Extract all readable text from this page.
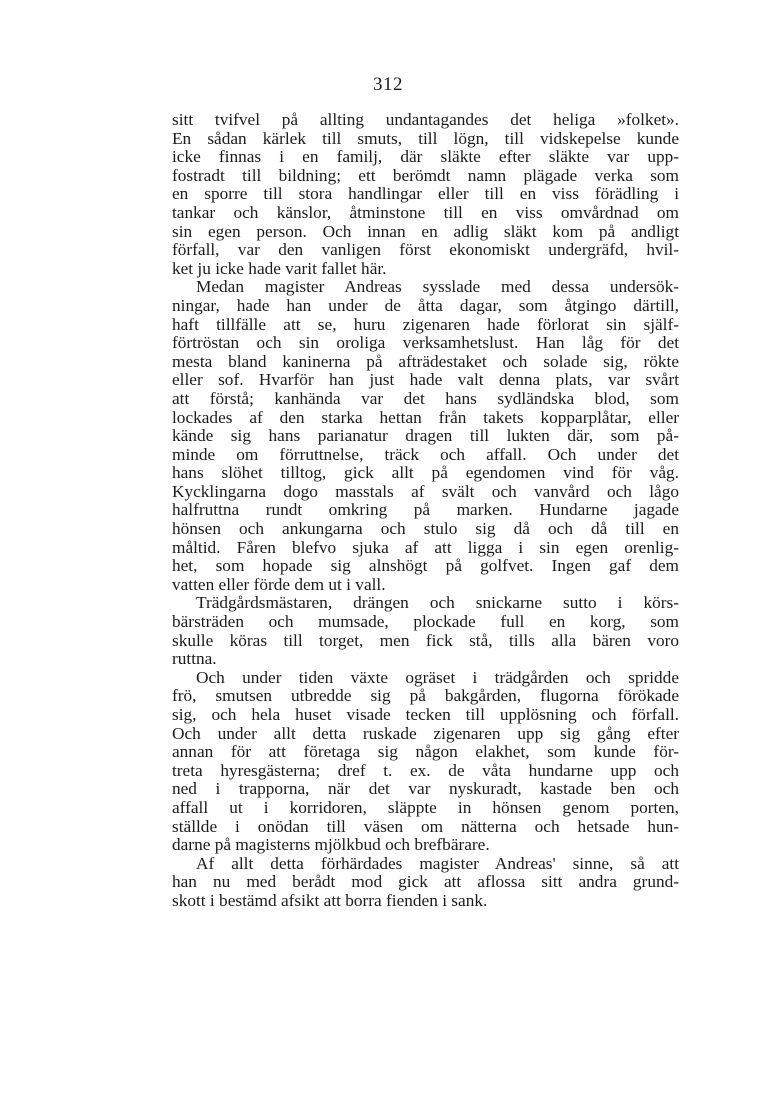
312
sitt tvifvel på allting undantagandes det heliga »folket».
En sådan kärlek till smuts, till lögn, till vidskepelse kunde
icke finnas i en familj, där släkte efter släkte var upp-
fostradt till bildning; ett berömdt namn plägade verka som
en sporre till stora handlingar eller till en viss förädling i
tankar och känslor, åtminstone till en viss omvårdnad om
sin egen person. Och innan en adlig släkt kom på andligt
förfall, var den vanligen först ekonomiskt undergräfd, hvil-
ket ju icke hade varit fallet här.
Medan magister Andreas sysslade med dessa undersök-
ningar, hade han under de åtta dagar, som åtgingo därtill,
haft tillfälle att se, huru zigenaren hade förlorat sin själf-
förtröstan och sin oroliga verksamhetslust. Han låg för det
mesta bland kaninerna på afträdestaket och solade sig, rökte
eller sof. Hvarför han just hade valt denna plats, var svårt
att förstå; kanhända var det hans sydländska blod, som
lockades af den starka hettan från takets kopparplåtar, eller
kände sig hans parianatur dragen till lukten där, som på-
minde om förruttnelse, träck och affall. Och under det
hans slöhet tilltog, gick allt på egendomen vind för våg.
Kycklingarna dogo masstals af svält och vanvård och lågo
halfruttna rundt omkring på marken. Hundarne jagade
hönsen och ankungarna och stulo sig då och då till en
måltid. Fåren blefvo sjuka af att ligga i sin egen orenlig-
het, som hopade sig alnshögt på golfvet. Ingen gaf dem
vatten eller förde dem ut i vall.
Trädgårdsmästaren, drängen och snickarne sutto i körs-
bärsträden och mumsade, plockade full en korg, som
skulle köras till torget, men fick stå, tills alla bären voro
ruttna.
Och under tiden växte ogräset i trädgården och spridde
frö, smutsen utbredde sig på bakgården, flugorna förökade
sig, och hela huset visade tecken till upplösning och förfall.
Och under allt detta ruskade zigenaren upp sig gång efter
annan för att företaga sig någon elakhet, som kunde för-
treta hyresgästerna; dref t. ex. de våta hundarne upp och
ned i trapporna, när det var nyskuradt, kastade ben och
affall ut i korridoren, släppte in hönsen genom porten,
ställde i onödan till väsen om nätterna och hetsade hun-
darne på magisterns mjölkbud och brefbärare.
Af allt detta förhärdades magister Andreas' sinne, så att
han nu med berådt mod gick att aflossa sitt andra grund-
skott i bestämd afsikt att borra fienden i sank.
